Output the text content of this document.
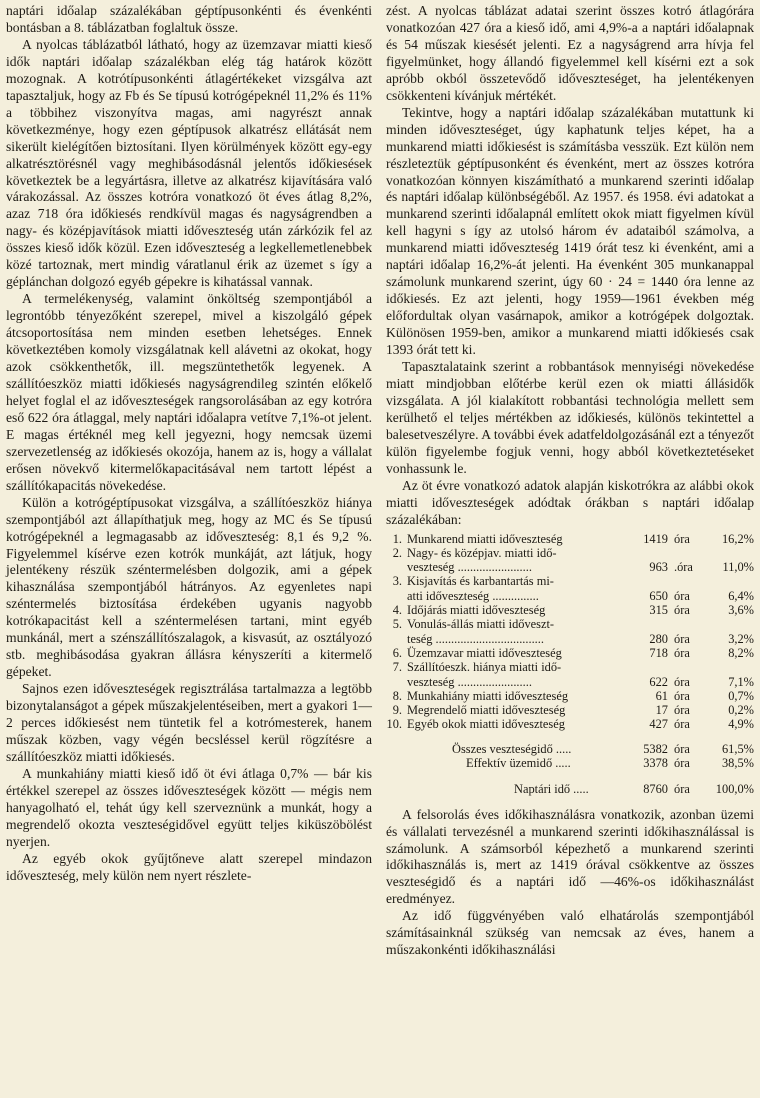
naptári időalap százalékában géptípusonkénti és évenkénti bontásban a 8. táblázatban foglaltuk össze.

A nyolcas táblázatból látható, hogy az üzemzavar miatti kieső idők naptári időalap százalékban elég tág határok között mozognak. A kotrótípusonkénti átlagértékeket vizsgálva azt tapasztaljuk, hogy az Fb és Se típusú kotrógépeknél 11,2% és 11% a többihez viszonyítva magas, ami nagyrészt annak következménye, hogy ezen géptípusok alkatrész ellátását nem sikerült kielégítően biztosítani. Ilyen körülmények között egy-egy alkatrésztörésnél vagy meghibásodásnál jelentős időkiesések következtek be a legyártásra, illetve az alkatrész kijavítására való várakozással. Az összes kotróra vonatkozó öt éves átlag 8,2%, azaz 718 óra időkiesés rendkívül magas és nagyságrendben a nagy- és középjavítások miatti időveszteség után zárkózik fel az összes kieső idők közül. Ezen időveszteség a legkellemetlenebbek közé tartoznak, mert mindig váratlanul érik az üzemet s így a géplánchan dolgozó egyéb gépekre is kihatással vannak.

A termelékenység, valamint önköltség szempontjából a legrontóbb tényezőként szerepel, mivel a kiszolgáló gépek átcsoportosítása nem minden esetben lehetséges. Ennek következtében komoly vizsgálatnak kell alávetni az okokat, hogy azok csökkenthetők, ill. megszüntethetők legyenek. A szállítóeszköz miatti időkiesés nagyságrendileg szintén előkelő helyet foglal el az időveszteségek rangsorolásában az egy kotróra eső 622 óra átlaggal, mely naptári időalapra vetítve 7,1%-ot jelent. E magas értéknél meg kell jegyezni, hogy nemcsak üzemi szervezetlenség az időkiesés okozója, hanem az is, hogy a vállalat erősen növekvő kitermelőkapacitásával nem tartott lépést a szállítókapacitás növekedése.

Külön a kotrógéptípusokat vizsgálva, a szállítóeszköz hiánya szempontjából azt állapíthatjuk meg, hogy az MC és Se típusú kotrógépeknél a legmagasabb az időveszteség: 8,1 és 9,2 %. Figyelemmel kísérve ezen kotrók munkáját, azt látjuk, hogy jelentékeny részük széntermelésben dolgozik, ami a gépek kihasználása szempontjából hátrányos. Az egyenletes napi széntermelés biztosítása érdekében ugyanis nagyobb kotrókapacitást kell a széntermelésen tartani, mint egyéb munkánál, mert a szénszállítószalagok, a kisvasút, az osztályozó stb. meghibásodása gyakran állásra kényszeríti a kitermelő gépeket.

Sajnos ezen időveszteségek regisztrálása tartalmazza a legtöbb bizonytalanságot a gépek műszakjelentéseiben, mert a gyakori 1—2 perces időkiesést nem tüntetik fel a kotrómesterek, hanem műszak közben, vagy végén becsléssel kerül rögzítésre a szállítóeszköz miatti időkiesés.

A munkahiány miatti kieső idő öt évi átlaga 0,7% — bár kis értékkel szerepel az összes időveszteségek között — mégis nem hanyagolható el, tehát úgy kell szerveznünk a munkát, hogy a megrendelő okozta veszteségidővel együtt teljes kiküszöbölést nyerjen.

Az egyéb okok gyűjtőneve alatt szerepel mindazon időveszteség, mely külön nem nyert részlete-

zést. A nyolcas táblázat adatai szerint összes kotró átlagórára vonatkozóan 427 óra a kieső idő, ami 4,9%-a a naptári időalapnak és 54 műszak kiesését jelenti. Ez a nagyságrend arra hívja fel figyelmünket, hogy állandó figyelemmel kell kísérni ezt a sok apróbb okból összetevődő időveszteséget, ha jelentékenyen csökkenteni kívánjuk mértékét.

Tekintve, hogy a naptári időalap százalékában mutattunk ki minden időveszteséget, úgy kaphatunk teljes képet, ha a munkarend miatti időkiesést is számításba vesszük. Ezt külön nem részleteztük géptípusonként és évenként, mert az összes kotróra vonatkozóan könnyen kiszámítható a munkarend szerinti időalap és naptári időalap különbségéből. Az 1957. és 1958. évi adatokat a munkarend szerinti időalapnál említett okok miatt figyelmen kívül kell hagyni s így az utolsó három év adataiból számolva, a munkarend miatti időveszteség 1419 órát tesz ki évenként, ami a naptári időalap 16,2%-át jelenti. Ha évenként 305 munkanappal számolunk munkarend szerint, úgy 60 · 24 = 1440 óra lenne az időkiesés. Ez azt jelenti, hogy 1959—1961 években még előfordultak olyan vasárnapok, amikor a kotrógépek dolgoztak. Különösen 1959-ben, amikor a munkarend miatti időkiesés csak 1393 órát tett ki.

Tapasztalataink szerint a robbantások mennyiségi növekedése miatt mindjobban előtérbe kerül ezen ok miatti állásidők vizsgálata. A jól kialakított robbantási technológia mellett sem kerülhető el teljes mértékben az időkiesés, különös tekintettel a balesetveszélyre. A további évek adatfeldolgozásánál ezt a tényezőt külön figyelembe fogjuk venni, hogy abból következtetéseket vonhassunk le.

Az öt évre vonatkozó adatok alapján kiskotrókra az alábbi okok miatti időveszteségek adódtak órákban s naptári időalap százalékában:

1. Munkarend miatti időveszteség	1419 óra	16,2%
2. Nagy- és középjav. miatti idő-
veszteség ........................	963 .óra	11,0%
3. Kisjavítás és karbantartás mi-
atti időveszteség ...............	650 óra	6,4%
4. Időjárás miatti időveszteség	315 óra	3,6%
5. Vonulás-állás miatti időveszt-
teség ...................................	280 óra	3,2%
6. Üzemzavar miatti időveszteség	718 óra	8,2%
7. Szállítóeszk. hiánya miatti idő-
veszteség ........................	622 óra	7,1%
8. Munkahiány miatti időveszteség	61 óra	0,7%
9. Megrendelő miatti időveszteség	17 óra	0,2%
10. Egyéb okok miatti időveszteség	427 óra	4,9%
Összes veszteségidő .....	5382 óra	61,5%
Effektív üzemidő .....	3378 óra	38,5%
Naptári idő .....	8760 óra	100,0%

A felsorolás éves időkihasználásra vonatkozik, azonban üzemi és vállalati tervezésnél a munkarend szerinti időkihasználással is számolunk. A számsorból képezhető a munkarend szerinti időkihasználás is, mert az 1419 órával csökkentve az összes veszteségidő és a naptári idő —46%-os időkihasználást eredményez.

Az idő függvényében való elhatárolás szempontjából számításainknál szükség van nemcsak az éves, hanem a műszakonkénti időkihasználási
